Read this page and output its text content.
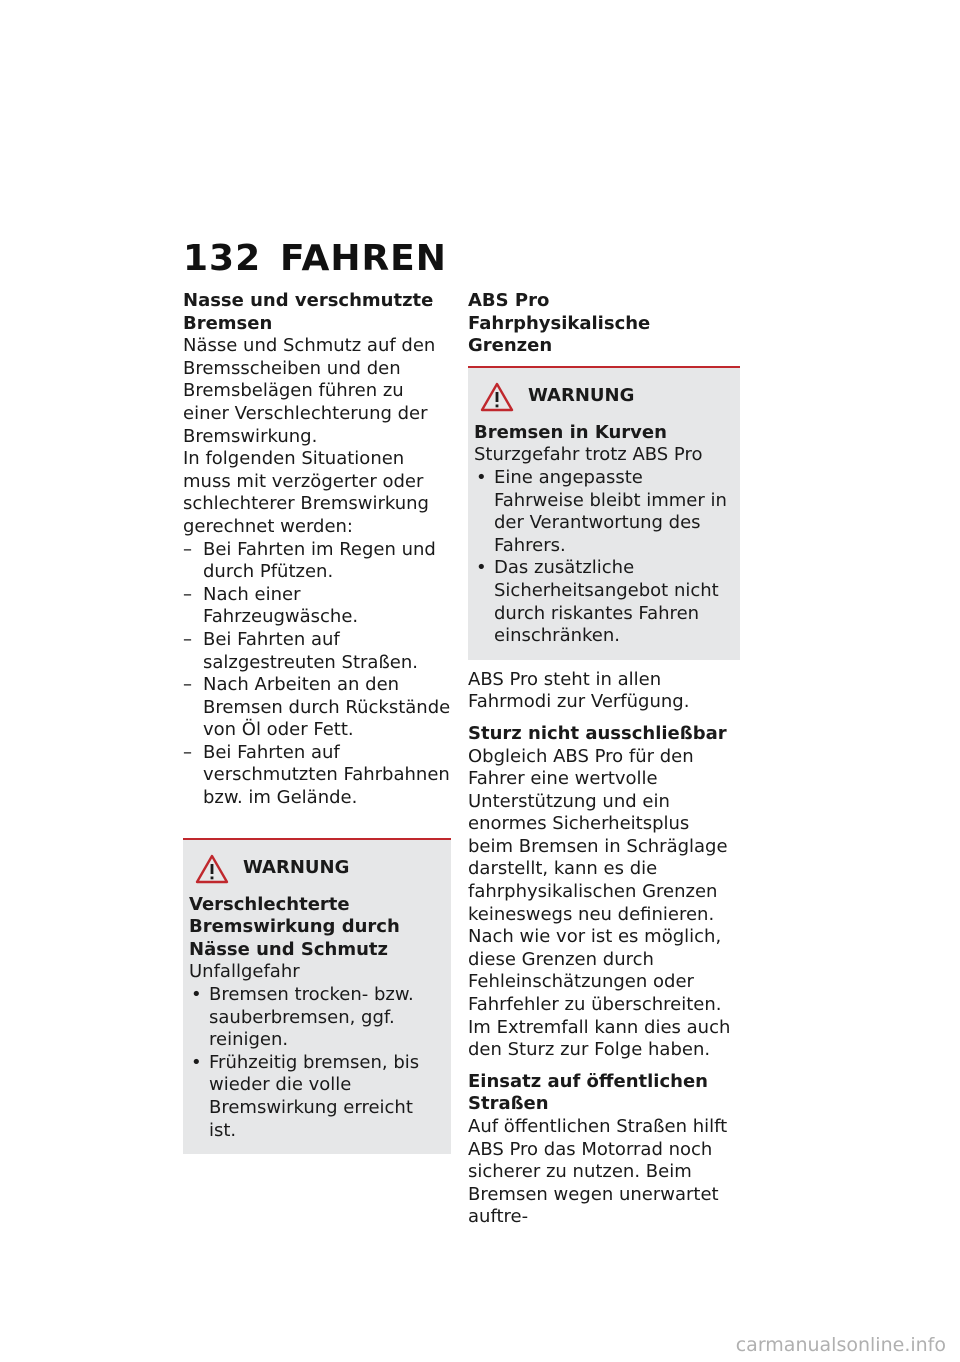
132 FAHREN

Nasse und verschmutzte Bremsen

Nässe und Schmutz auf den Bremsscheiben und den Bremsbelägen führen zu einer Verschlechterung der Bremswirkung.

In folgenden Situationen muss mit verzögerter oder schlechterer Bremswirkung gerechnet werden:

– Bei Fahrten im Regen und durch Pfützen.
– Nach einer Fahrzeugwäsche.
– Bei Fahrten auf salzgestreuten Straßen.
– Nach Arbeiten an den Bremsen durch Rückstände von Öl oder Fett.
– Bei Fahrten auf verschmutzten Fahrbahnen bzw. im Gelände.
WARNUNG

Verschlechterte Bremswirkung durch Nässe und Schmutz

Unfallgefahr

• Bremsen trocken- bzw. sauberbremsen, ggf. reinigen.
• Frühzeitig bremsen, bis wieder die volle Bremswirkung erreicht ist.

ABS Pro

Fahrphysikalische Grenzen

WARNUNG

Bremsen in Kurven

Sturzgefahr trotz ABS Pro

• Eine angepasste Fahrweise bleibt immer in der Verantwortung des Fahrers.
• Das zusätzliche Sicherheitsangebot nicht durch riskantes Fahren einschränken.

ABS Pro steht in allen Fahrmodi zur Verfügung.

Sturz nicht ausschließbar

Obgleich ABS Pro für den Fahrer eine wertvolle Unterstützung und ein enormes Sicherheitsplus beim Bremsen in Schräglage darstellt, kann es die fahrphysikalischen Grenzen keineswegs neu definieren. Nach wie vor ist es möglich, diese Grenzen durch Fehleinschätzungen oder Fahrfehler zu überschreiten. Im Extremfall kann dies auch den Sturz zur Folge haben.

Einsatz auf öffentlichen Straßen

Auf öffentlichen Straßen hilft ABS Pro das Motorrad noch sicherer zu nutzen. Beim Bremsen wegen unerwartet auftre-

carmanualsonline.info
